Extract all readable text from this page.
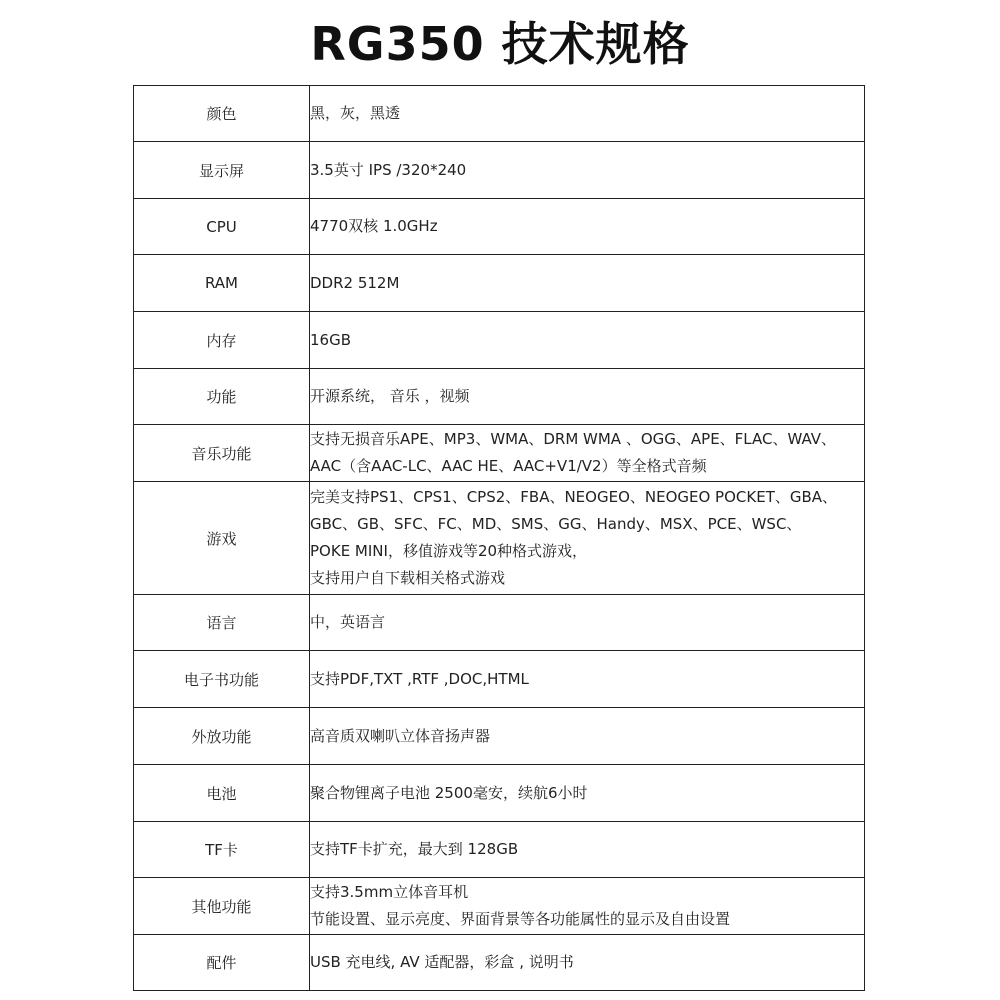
RG350 技术规格
颜色	黑，灰，黑透

显示屏	3.5英寸 IPS /320*240

CPU	4770双核 1.0GHz

RAM	DDR2 512M

内存	16GB

功能	开源系统， 音乐 ，视频

音乐功能	支持无损音乐APE、MP3、WMA、DRM WMA 、OGG、APE、FLAC、WAV、
AAC（含AAC-LC、AAC HE、AAC+V1/V2）等全格式音频

游戏	完美支持PS1、CPS1、CPS2、FBA、NEOGEO、NEOGEO POCKET、GBA、
GBC、GB、SFC、FC、MD、SMS、GG、Handy、MSX、PCE、WSC、
POKE MINI，移值游戏等20种格式游戏，
支持用户自下载相关格式游戏

语言	中，英语言

电子书功能	支持PDF,TXT ,RTF ,DOC,HTML

外放功能	高音质双喇叭立体音扬声器

电池	聚合物锂离子电池 2500毫安，续航6小时

TF卡	支持TF卡扩充，最大到 128GB

其他功能	支持3.5mm立体音耳机
节能设置、显示亮度、界面背景等各功能属性的显示及自由设置

配件	USB 充电线, AV 适配器，彩盒 , 说明书
